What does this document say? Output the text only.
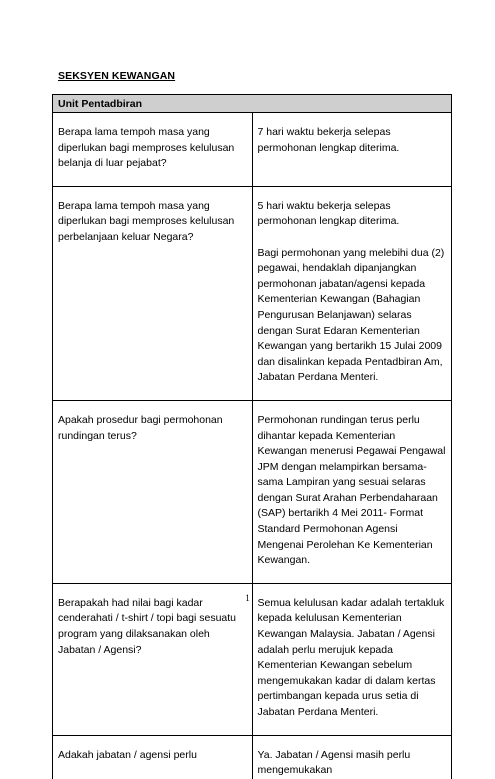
SEKSYEN KEWANGAN
Unit Pentadbiran	
Berapa lama tempoh masa yang diperlukan bagi memproses kelulusan belanja di luar pejabat?	7 hari waktu bekerja selepas permohonan lengkap diterima.

Berapa lama tempoh masa yang diperlukan bagi memproses kelulusan perbelanjaan keluar Negara?	5 hari waktu bekerja selepas permohonan lengkap diterima.
Bagi permohonan yang melebihi dua (2) pegawai, hendaklah dipanjangkan permohonan jabatan/agensi kepada Kementerian Kewangan (Bahagian Pengurusan Belanjawan) selaras dengan Surat Edaran Kementerian Kewangan yang bertarikh 15 Julai 2009 dan disalinkan kepada Pentadbiran Am, Jabatan Perdana Menteri.

Apakah prosedur bagi permohonan rundingan terus?	Permohonan rundingan terus perlu dihantar kepada Kementerian Kewangan menerusi Pegawai Pengawal JPM dengan melampirkan bersama-sama Lampiran yang sesuai selaras dengan Surat Arahan Perbendaharaan (SAP) bertarikh 4 Mei 2011- Format Standard Permohonan Agensi Mengenai Perolehan Ke Kementerian Kewangan.

Berapakah had nilai bagi kadar cenderahati / t-shirt / topi bagi sesuatu program yang dilaksanakan oleh Jabatan / Agensi?	Semua kelulusan kadar adalah tertakluk kepada kelulusan Kementerian Kewangan Malaysia. Jabatan / Agensi adalah perlu merujuk kepada Kementerian Kewangan sebelum mengemukakan kadar di dalam kertas pertimbangan kepada urus setia di Jabatan Perdana Menteri.

Adakah jabatan / agensi perlu	Ya. Jabatan / Agensi masih perlu mengemukakan
1
